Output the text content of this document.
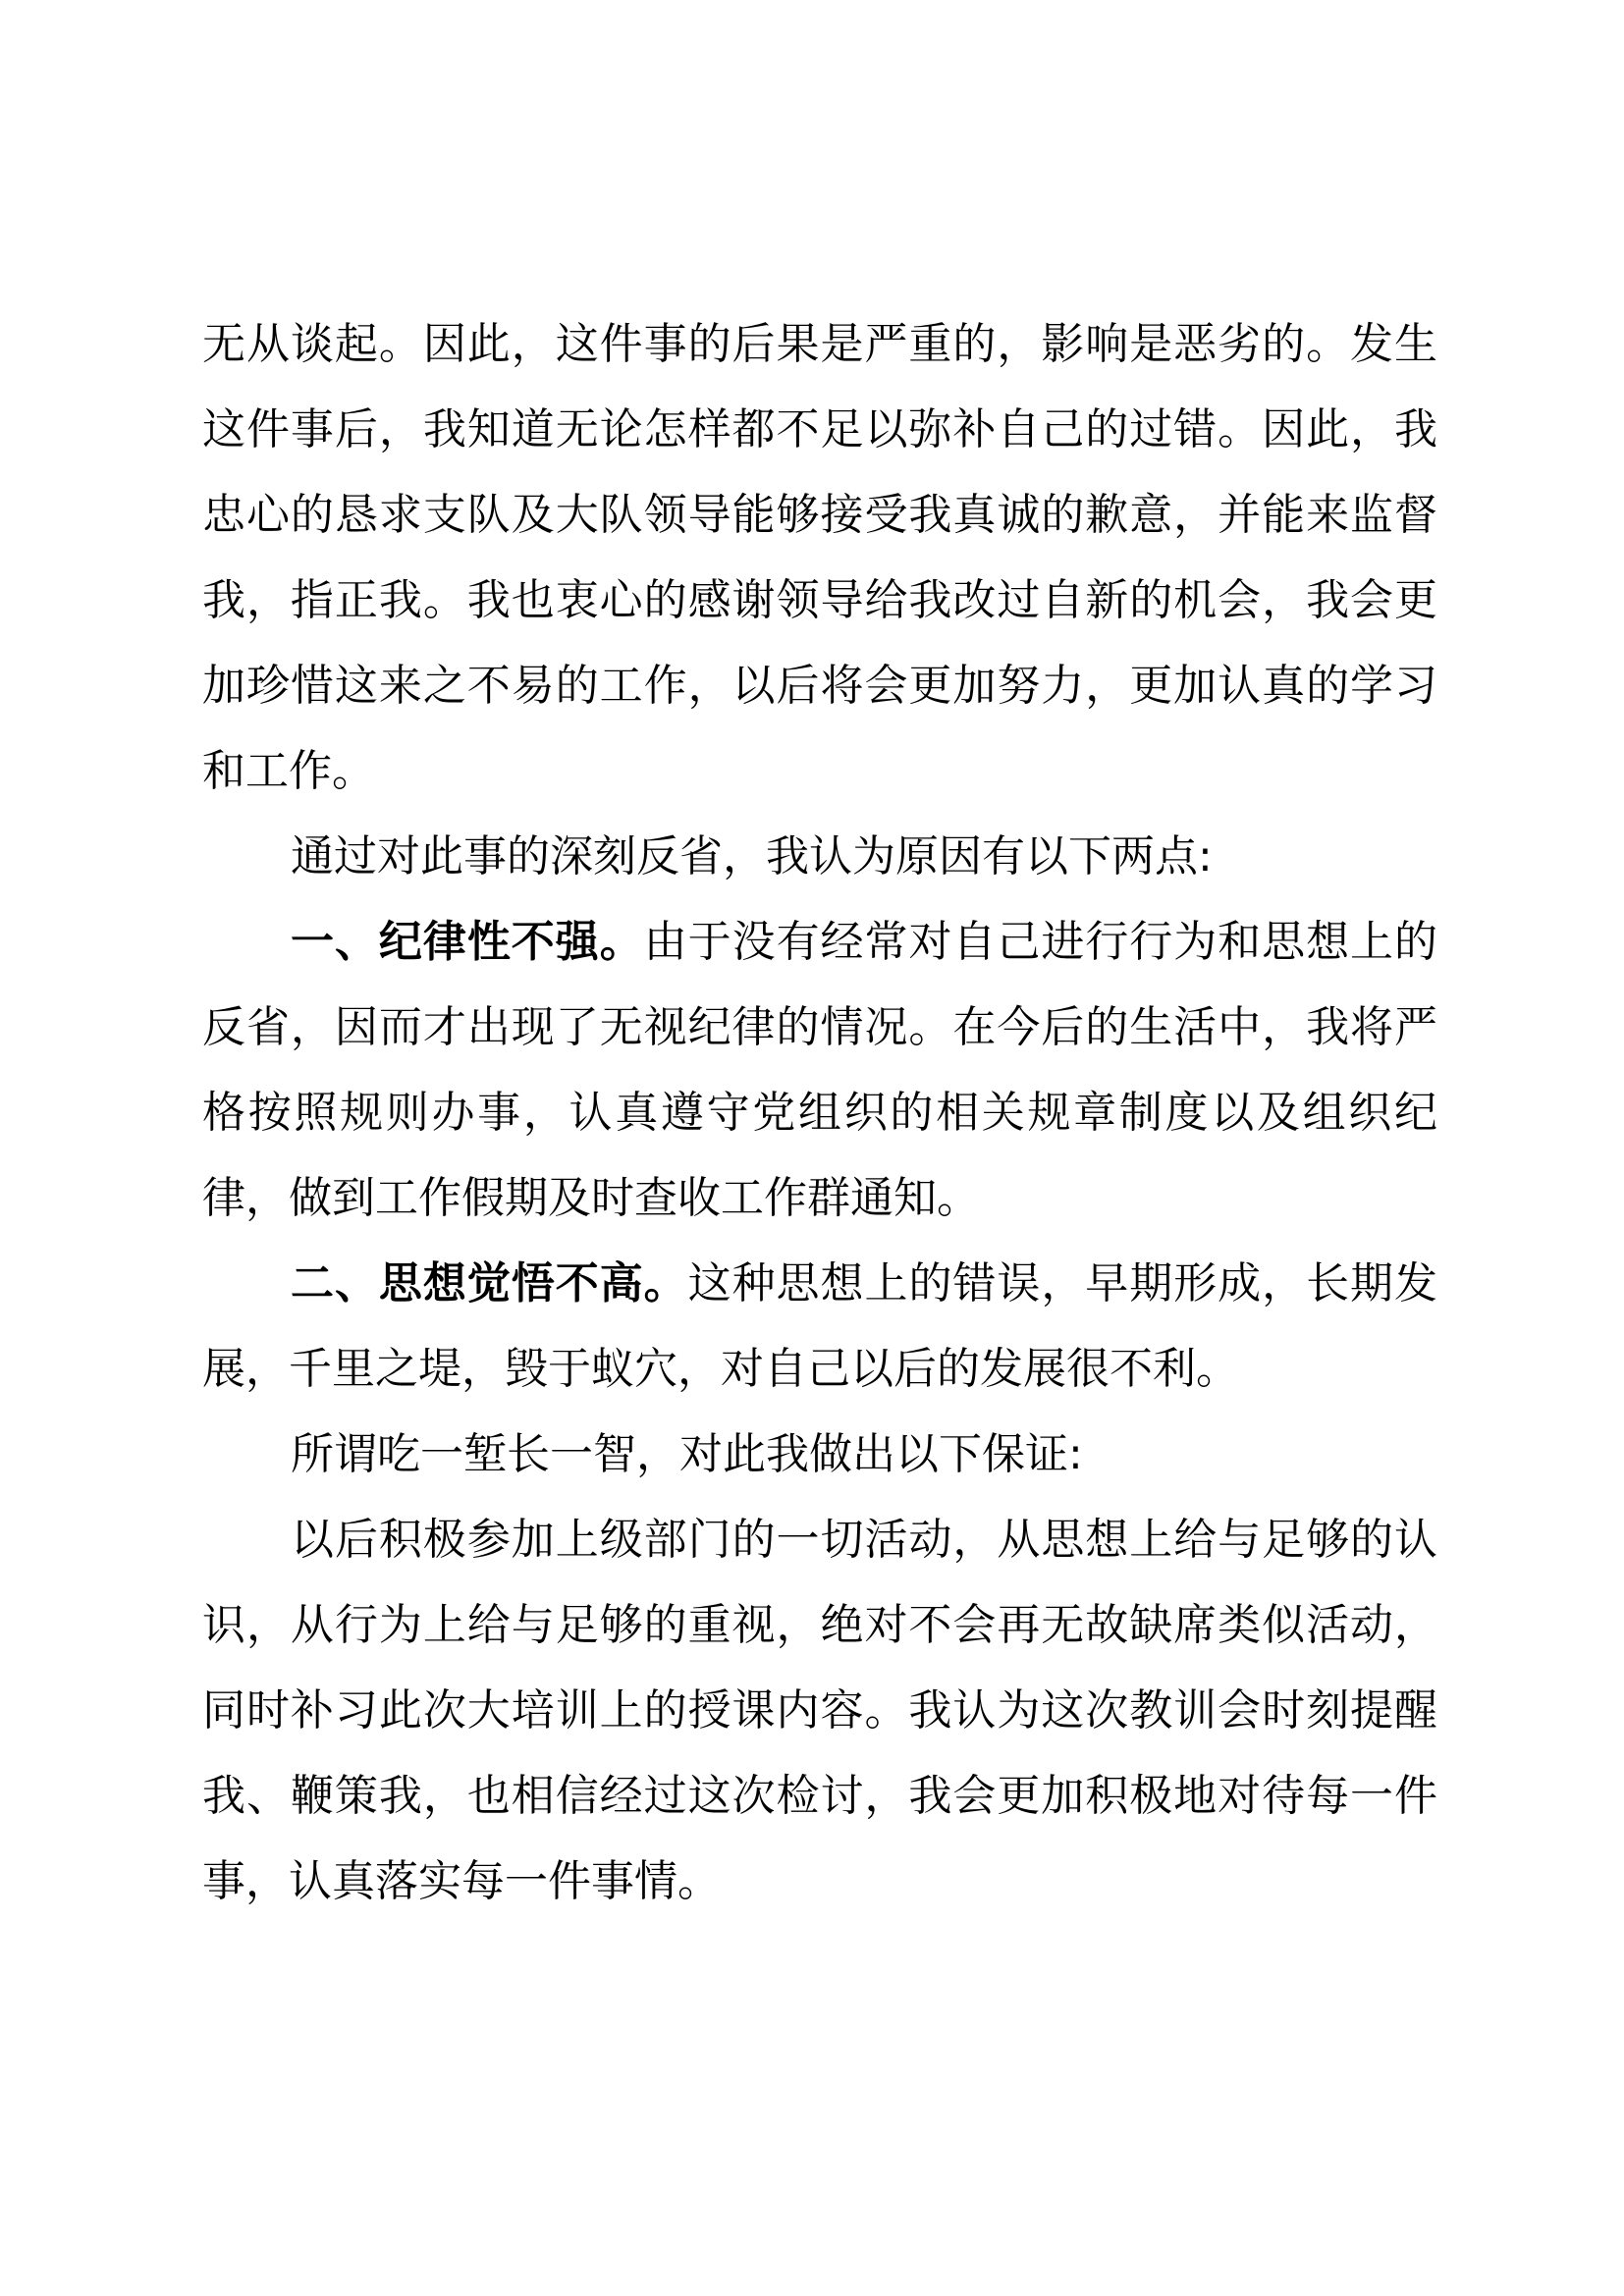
无从谈起。因此，这件事的后果是严重的，影响是恶劣的。发生
这件事后，我知道无论怎样都不足以弥补自己的过错。因此，我
忠心的恳求支队及大队领导能够接受我真诚的歉意，并能来监督
我，指正我。我也衷心的感谢领导给我改过自新的机会，我会更
加珍惜这来之不易的工作，以后将会更加努力，更加认真的学习
和工作。
通过对此事的深刻反省，我认为原因有以下两点:
一、纪律性不强。由于没有经常对自己进行行为和思想上的
反省，因而才出现了无视纪律的情况。在今后的生活中，我将严
格按照规则办事，认真遵守党组织的相关规章制度以及组织纪
律，做到工作假期及时查收工作群通知。
二、思想觉悟不高。这种思想上的错误，早期形成，长期发
展，千里之堤，毁于蚁穴，对自己以后的发展很不利。
所谓吃一堑长一智，对此我做出以下保证:
以后积极参加上级部门的一切活动，从思想上给与足够的认
识，从行为上给与足够的重视，绝对不会再无故缺席类似活动，
同时补习此次大培训上的授课内容。我认为这次教训会时刻提醒
我、鞭策我，也相信经过这次检讨，我会更加积极地对待每一件
事，认真落实每一件事情。
